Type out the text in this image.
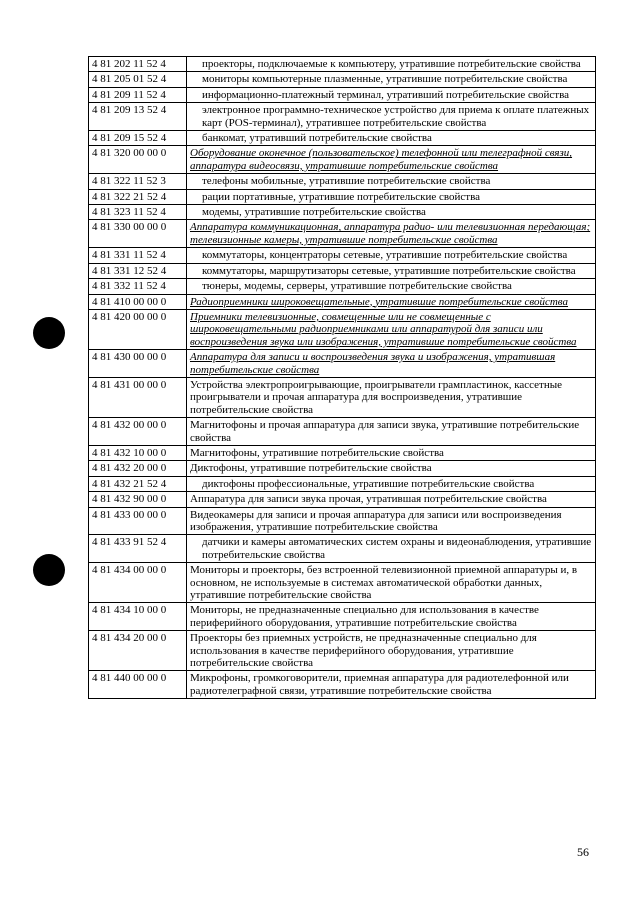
4 81 202 11 52 4	проекторы, подключаемые к компьютеру, утратившие потребительские свойства
4 81 205 01 52 4	мониторы компьютерные плазменные, утратившие потребительские свойства
4 81 209 11 52 4	информационно-платежный терминал, утративший потребительские свойства
4 81 209 13 52 4	электронное программно-техническое устройство для приема к оплате платежных карт (POS-терминал), утратившее потребительские свойства
4 81 209 15 52 4	банкомат, утративший потребительские свойства
4 81 320 00 00 0	Оборудование оконечное (пользовательское) телефонной или телеграфной связи, аппаратура видеосвязи, утратившие потребительские свойства
4 81 322 11 52 3	телефоны мобильные, утратившие потребительские свойства
4 81 322 21 52 4	рации портативные, утратившие потребительские свойства
4 81 323 11 52 4	модемы, утратившие потребительские свойства
4 81 330 00 00 0	Аппаратура коммуникационная, аппаратура радио- или телевизионная передающая; телевизионные камеры, утратившие потребительские свойства
4 81 331 11 52 4	коммутаторы, концентраторы сетевые, утратившие потребительские свойства
4 81 331 12 52 4	коммутаторы, маршрутизаторы сетевые, утратившие потребительские свойства
4 81 332 11 52 4	тюнеры, модемы, серверы, утратившие потребительские свойства
4 81 410 00 00 0	Радиоприемники широковещательные, утратившие потребительские свойства
4 81 420 00 00 0	Приемники телевизионные, совмещенные или не совмещенные с широковещательными радиоприемниками или аппаратурой для записи или воспроизведения звука или изображения, утратившие потребительские свойства
4 81 430 00 00 0	Аппаратура для записи и воспроизведения звука и изображения, утратившая потребительские свойства
4 81 431 00 00 0	Устройства электропроигрывающие, проигрыватели грампластинок, кассетные проигрыватели и прочая аппаратура для воспроизведения, утратившие потребительские свойства
4 81 432 00 00 0	Магнитофоны и прочая аппаратура для записи звука, утратившие потребительские свойства
4 81 432 10 00 0	Магнитофоны, утратившие потребительские свойства
4 81 432 20 00 0	Диктофоны, утратившие потребительские свойства
4 81 432 21 52 4	диктофоны профессиональные, утратившие потребительские свойства
4 81 432 90 00 0	Аппаратура для записи звука прочая, утратившая потребительские свойства
4 81 433 00 00 0	Видеокамеры для записи и прочая аппаратура для записи или воспроизведения изображения, утратившие потребительские свойства
4 81 433 91 52 4	датчики и камеры автоматических систем охраны и видеонаблюдения, утратившие потребительские свойства
4 81 434 00 00 0	Мониторы и проекторы, без встроенной телевизионной приемной аппаратуры и, в основном, не используемые в системах автоматической обработки данных, утратившие потребительские свойства
4 81 434 10 00 0	Мониторы, не предназначенные специально для использования в качестве периферийного оборудования, утратившие потребительские свойства
4 81 434 20 00 0	Проекторы без приемных устройств, не предназначенные специально для использования в качестве периферийного оборудования, утратившие потребительские свойства
4 81 440 00 00 0	Микрофоны, громкоговорители, приемная аппаратура для радиотелефонной или радиотелеграфной связи, утратившие потребительские свойства
56
